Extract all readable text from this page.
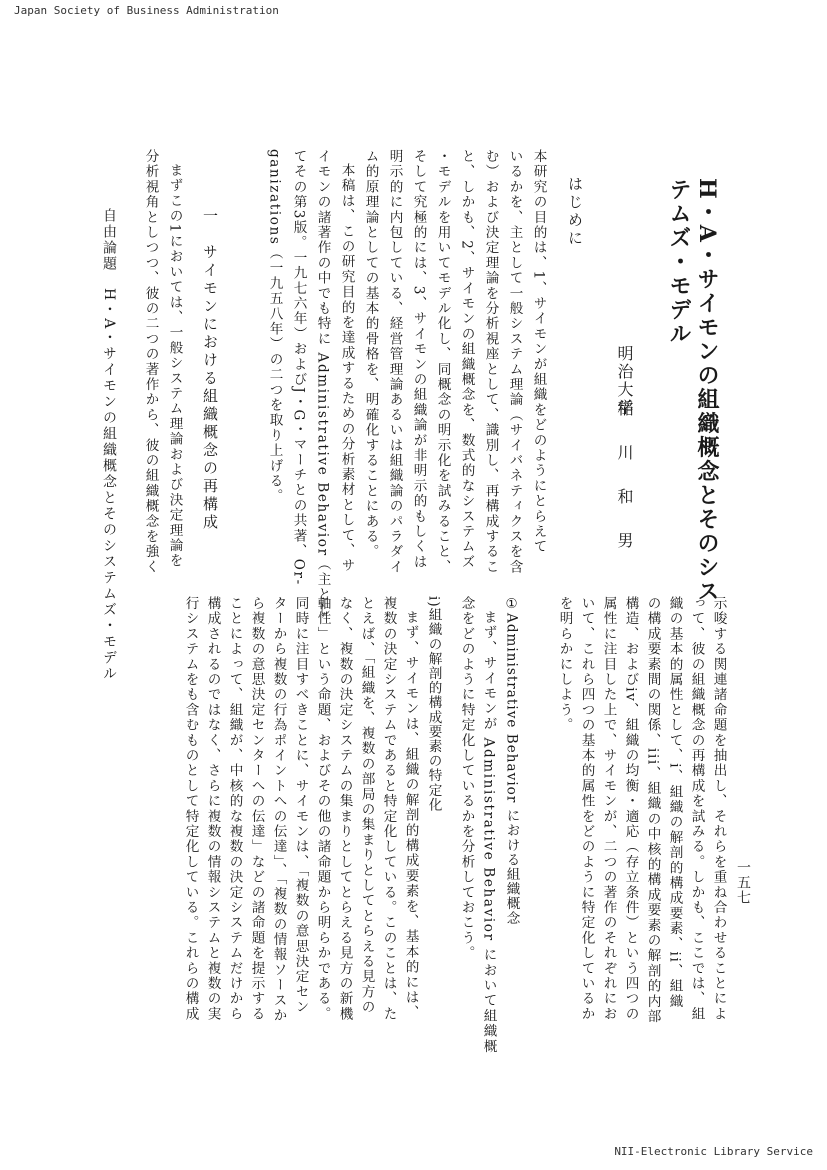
Japan Society of Business Administration
H・A・サイモンの組織概念とそのシス
テムズ・モデル
明治大学
稲川和男
はじめに
本研究の目的は、1、サイモンが組織をどのようにとらえて
いるかを、主として一般システム理論（サイバネティクスを含
む）および決定理論を分析視座として、識別し、再構成するこ
と、しかも、2、サイモンの組織概念を、数式的なシステムズ
・モデルを用いてモデル化し、同概念の明示化を試みること、
そして究極的には、3、サイモンの組織論が非明示的もしくは
明示的に内包している、経営管理論あるいは組織論のパラダイ
ム的原理論としての基本的骨格を、明確化することにある。
本稿は、この研究目的を達成するための分析素材として、サ
イモンの諸著作の中でも特に Administrative Behavior（主とし
てその第3版。一九七六年）およびJ・G・マーチとの共著、Or-
ganizations（一九五八年）の二つを取り上げる。
一　サイモンにおける組織概念の再構成
まずこの1においては、一般システム理論および決定理論を
分析視角としつつ、彼の二つの著作から、彼の組織概念を強く
自由論題　H・A・サイモンの組織概念とそのシステムズ・モデル
示唆する関連諸命題を抽出し、それらを重ね合わせることによ
って、彼の組織概念の再構成を試みる。しかも、ここでは、組
織の基本的属性として、i、組織の解剖的構成要素、ii、組織
の構成要素間の関係、iii、組織の中核的構成要素の解剖的内部
構造、およびiv、組織の均衡・適応（存立条件）という四つの
属性に注目した上で、サイモンが、二つの著作のそれぞれにお
いて、これら四つの基本的属性をどのように特定化しているか
を明らかにしよう。
①Administrative Behavior における組織概念
まず、サイモンが Administrative Behavior において組織概
念をどのように特定化しているかを分析しておこう。
i)組織の解剖的構成要素の特定化
まず、サイモンは、組織の解剖的構成要素を、基本的には、
複数の決定システムであると特定化している。このことは、た
とえば、「組織を、複数の部局の集まりとしてとらえる見方の
なく、複数の決定システムの集まりとしてとらえる見方の新機
軸性」という命題、およびその他の諸命題から明らかである。
同時に注目すべきことに、サイモンは、「複数の意思決定セン
ターから複数の行為ポイントへの伝達」、「複数の情報ソースか
ら複数の意思決定センターへの伝達」などの諸命題を提示する
ことによって、組織が、中核的な複数の決定システムだけから
構成されるのではなく、さらに複数の情報システムと複数の実
行システムをも含むものとして特定化している。これらの構成	一五七
NII-Electronic Library Service
